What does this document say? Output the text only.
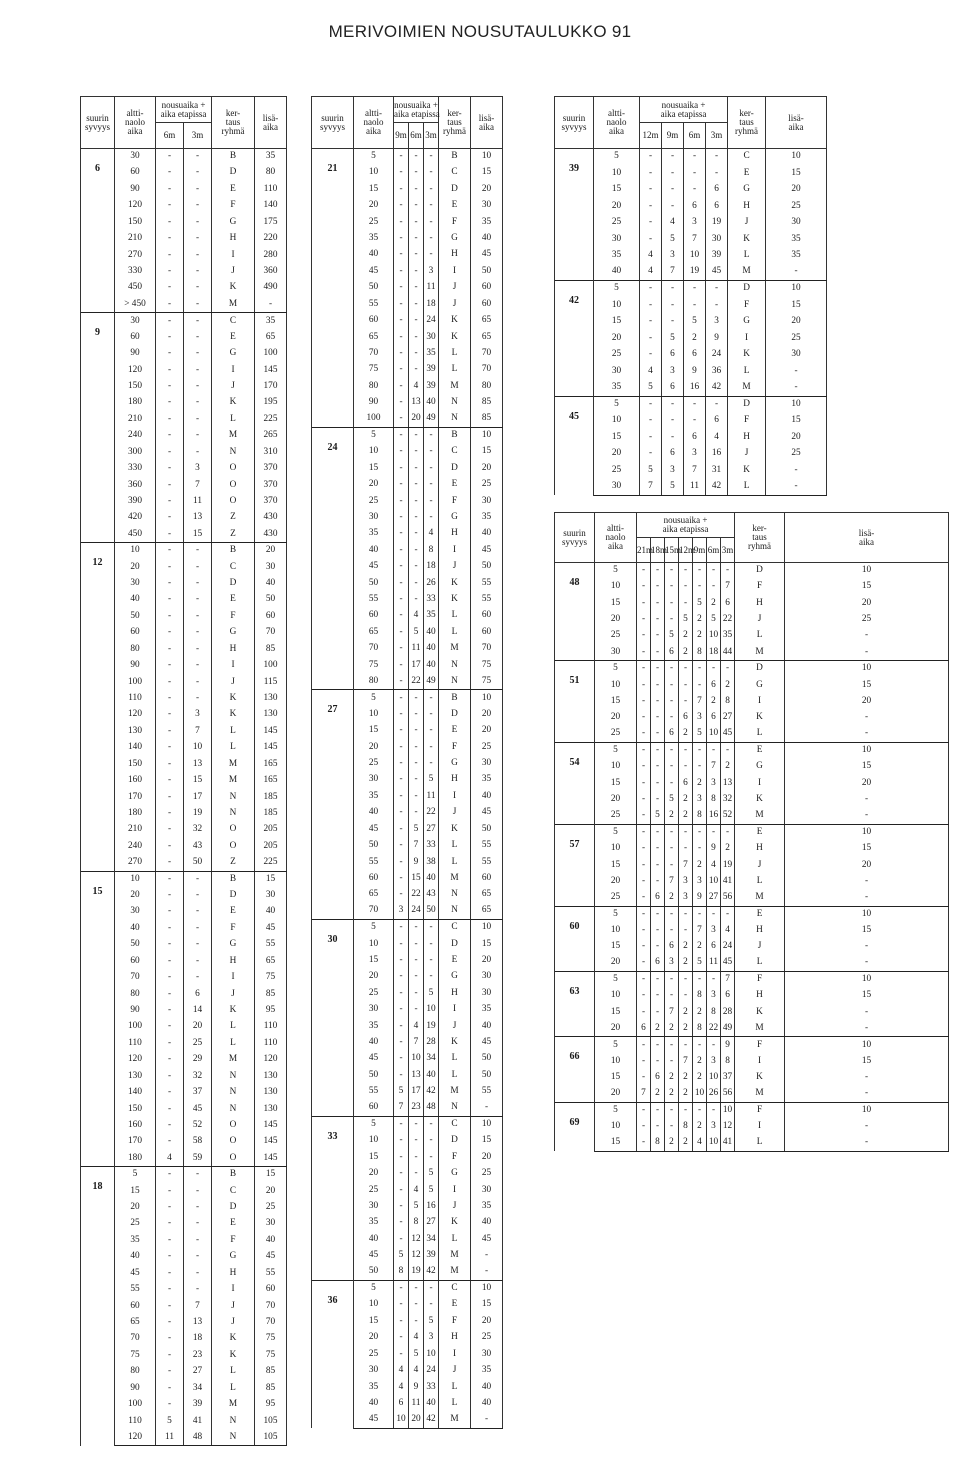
MERIVOIMIEN NOUSUTAULUKKO 91
suurin
syvyys	altti-
naolo
aika	nousuaika +
aika etapissa		ker-
taus
ryhmä	lisä-
aika
		6m	3m		
6	30	-	-	B	35
	60	-	-	D	80
	90	-	-	E	110
	120	-	-	F	140
	150	-	-	G	175
	210	-	-	H	220
	270	-	-	I	280
	330	-	-	J	360
	450	-	-	K	490
	> 450	-	-	M	-
9	30	-	-	C	35
	60	-	-	E	65
	90	-	-	G	100
	120	-	-	I	145
	150	-	-	J	170
	180	-	-	K	195
	210	-	-	L	225
	240	-	-	M	265
	300	-	-	N	310
	330	-	3	O	370
	360	-	7	O	370
	390	-	11	O	370
	420	-	13	Z	430
	450	-	15	Z	430
12	10	-	-	B	20
	20	-	-	C	30
	30	-	-	D	40
	40	-	-	E	50
	50	-	-	F	60
	60	-	-	G	70
	80	-	-	H	85
	90	-	-	I	100
	100	-	-	J	115
	110	-	-	K	130
	120	-	3	K	130
	130	-	7	L	145
	140	-	10	L	145
	150	-	13	M	165
	160	-	15	M	165
	170	-	17	N	185
	180	-	19	N	185
	210	-	32	O	205
	240	-	43	O	205
	270	-	50	Z	225
15	10	-	-	B	15
	20	-	-	D	30
	30	-	-	E	40
	40	-	-	F	45
	50	-	-	G	55
	60	-	-	H	65
	70	-	-	I	75
	80	-	6	J	85
	90	-	14	K	95
	100	-	20	L	110
	110	-	25	L	110
	120	-	29	M	120
	130	-	32	N	130
	140	-	37	N	130
	150	-	45	N	130
	160	-	52	O	145
	170	-	58	O	145
	180	4	59	O	145
18	5	-	-	B	15
	15	-	-	C	20
	20	-	-	D	25
	25	-	-	E	30
	35	-	-	F	40
	40	-	-	G	45
	45	-	-	H	55
	55	-	-	I	60
	60	-	7	J	70
	65	-	13	J	70
	70	-	18	K	75
	75	-	23	K	75
	80	-	27	L	85
	90	-	34	L	85
	100	-	39	M	95
	110	5	41	N	105
	120	11	48	N	105
suurin
syvyys	altti-
naolo
aika	nousuaika +
aika etapissa			ker-
taus
ryhmä	lisä-
aika
		9m	6m	3m		
21	5	-	-	-	B	10
	10	-	-	-	C	15
	15	-	-	-	D	20
	20	-	-	-	E	30
	25	-	-	-	F	35
	35	-	-	-	G	40
	40	-	-	-	H	45
	45	-	-	3	I	50
	50	-	-	11	J	60
	55	-	-	18	J	60
	60	-	-	24	K	65
	65	-	-	30	K	65
	70	-	-	35	L	70
	75	-	-	39	L	70
	80	-	4	39	M	80
	90	-	13	40	N	85
	100	-	20	49	N	85
24	5	-	-	-	B	10
	10	-	-	-	C	15
	15	-	-	-	D	20
	20	-	-	-	E	25
	25	-	-	-	F	30
	30	-	-	-	G	35
	35	-	-	4	H	40
	40	-	-	8	I	45
	45	-	-	18	J	50
	50	-	-	26	K	55
	55	-	-	33	K	55
	60	-	4	35	L	60
	65	-	5	40	L	60
	70	-	11	40	M	70
	75	-	17	40	N	75
	80	-	22	49	N	75
27	5	-	-	-	B	10
	10	-	-	-	D	20
	15	-	-	-	E	20
	20	-	-	-	F	25
	25	-	-	-	G	30
	30	-	-	5	H	35
	35	-	-	11	I	40
	40	-	-	22	J	45
	45	-	5	27	K	50
	50	-	7	33	L	55
	55	-	9	38	L	55
	60	-	15	40	M	60
	65	-	22	43	N	65
	70	3	24	50	N	65
30	5	-	-	-	C	10
	10	-	-	-	D	15
	15	-	-	-	E	20
	20	-	-	-	G	30
	25	-	-	5	H	30
	30	-	-	10	I	35
	35	-	4	19	J	40
	40	-	7	28	K	45
	45	-	10	34	L	50
	50	-	13	40	L	50
	55	5	17	42	M	55
	60	7	23	48	N	-
33	5	-	-	-	C	10
	10	-	-	-	D	15
	15	-	-	-	F	20
	20	-	-	5	G	25
	25	-	4	5	I	30
	30	-	5	16	J	35
	35	-	8	27	K	40
	40	-	12	34	L	45
	45	5	12	39	M	-
	50	8	19	42	M	-
36	5	-	-	-	C	10
	10	-	-	-	E	15
	15	-	-	5	F	20
	20	-	4	3	H	25
	25	-	5	10	I	30
	30	4	4	24	J	35
	35	4	9	33	L	40
	40	6	11	40	L	40
	45	10	20	42	M	-
suurin
syvyys	altti-
naolo
aika	nousuaika +
aika etapissa				ker-
taus
ryhmä	lisä-
aika
		12m	9m	6m	3m		
39	5	-	-	-	-	C	10
	10	-	-	-	-	E	15
	15	-	-	-	6	G	20
	20	-	-	6	6	H	25
	25	-	4	3	19	J	30
	30	-	5	7	30	K	35
	35	4	3	10	39	L	35
	40	4	7	19	45	M	-
42	5	-	-	-	-	D	10
	10	-	-	-	-	F	15
	15	-	-	5	3	G	20
	20	-	5	2	9	I	25
	25	-	6	6	24	K	30
	30	4	3	9	36	L	-
	35	5	6	16	42	M	-
45	5	-	-	-	-	D	10
	10	-	-	-	6	F	15
	15	-	-	6	4	H	20
	20	-	6	3	16	J	25
	25	5	3	7	31	K	-
	30	7	5	11	42	L	-
suurin
syvyys	altti-
naolo
aika	nousuaika +
aika etapissa							ker-
taus
ryhmä	lisä-
aika
		21m	18m	15m	12m	9m	6m	3m		
48	5	-	-	-	-	-	-	-	D	10
	10	-	-	-	-	-	-	7	F	15
	15	-	-	-	-	5	2	6	H	20
	20	-	-	-	5	2	5	22	J	25
	25	-	-	5	2	2	10	35	L	-
	30	-	-	6	2	8	18	44	M	-
51	5	-	-	-	-	-	-	-	D	10
	10	-	-	-	-	-	6	2	G	15
	15	-	-	-	-	7	2	8	I	20
	20	-	-	-	6	3	6	27	K	-
	25	-	-	6	2	5	10	45	L	-
54	5	-	-	-	-	-	-	-	E	10
	10	-	-	-	-	-	7	2	G	15
	15	-	-	-	6	2	3	13	I	20
	20	-	-	5	2	3	8	32	K	-
	25	-	5	2	2	8	16	52	M	-
57	5	-	-	-	-	-	-	-	E	10
	10	-	-	-	-	-	9	2	H	15
	15	-	-	-	7	2	4	19	J	20
	20	-	-	7	3	3	10	41	L	-
	25	-	6	2	3	9	27	56	M	-
60	5	-	-	-	-	-	-	-	E	10
	10	-	-	-	-	7	3	4	H	15
	15	-	-	6	2	2	6	24	J	-
	20	-	6	3	2	5	11	45	L	-
63	5	-	-	-	-	-	-	7	F	10
	10	-	-	-	-	8	3	6	H	15
	15	-	-	7	2	2	8	28	K	-
	20	6	2	2	2	8	22	49	M	-
66	5	-	-	-	-	-	-	9	F	10
	10	-	-	-	7	2	3	8	I	15
	15	-	6	2	2	2	10	37	K	-
	20	7	2	2	2	10	26	56	M	-
69	5	-	-	-	-	-	-	10	F	10
	10	-	-	-	8	2	3	12	I	-
	15	-	8	2	2	4	10	41	L	-
